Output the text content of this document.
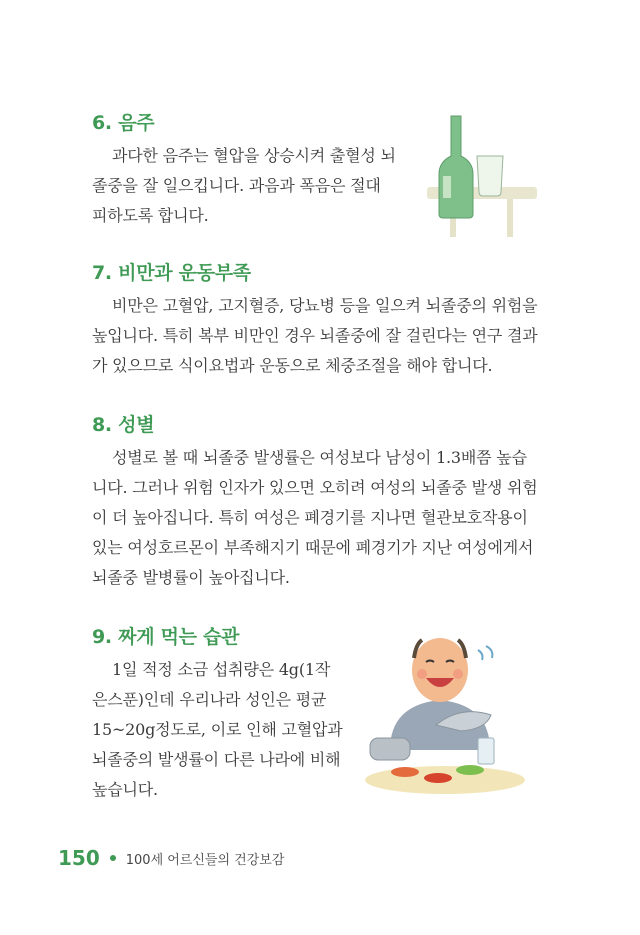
6. 음주

과다한 음주는 혈압을 상승시켜 출혈성 뇌
졸중을 잘 일으킵니다. 과음과 폭음은 절대
피하도록 합니다.

7. 비만과 운동부족

비만은 고혈압, 고지혈증, 당뇨병 등을 일으켜 뇌졸중의 위험을
높입니다. 특히 복부 비만인 경우 뇌졸중에 잘 걸린다는 연구 결과
가 있으므로 식이요법과 운동으로 체중조절을 해야 합니다.

8. 성별

성별로 볼 때 뇌졸중 발생률은 여성보다 남성이 1.3배쯤 높습
니다. 그러나 위험 인자가 있으면 오히려 여성의 뇌졸중 발생 위험
이 더 높아집니다. 특히 여성은 폐경기를 지나면 혈관보호작용이
있는 여성호르몬이 부족해지기 때문에 폐경기가 지난 여성에게서
뇌졸중 발병률이 높아집니다.

9. 짜게 먹는 습관

1일 적정 소금 섭취량은 4g(1작
은스푼)인데 우리나라 성인은 평균
15~20g정도로, 이로 인해 고혈압과
뇌졸중의 발생률이 다른 나라에 비해
높습니다.

150 100세 어르신들의 건강보감
